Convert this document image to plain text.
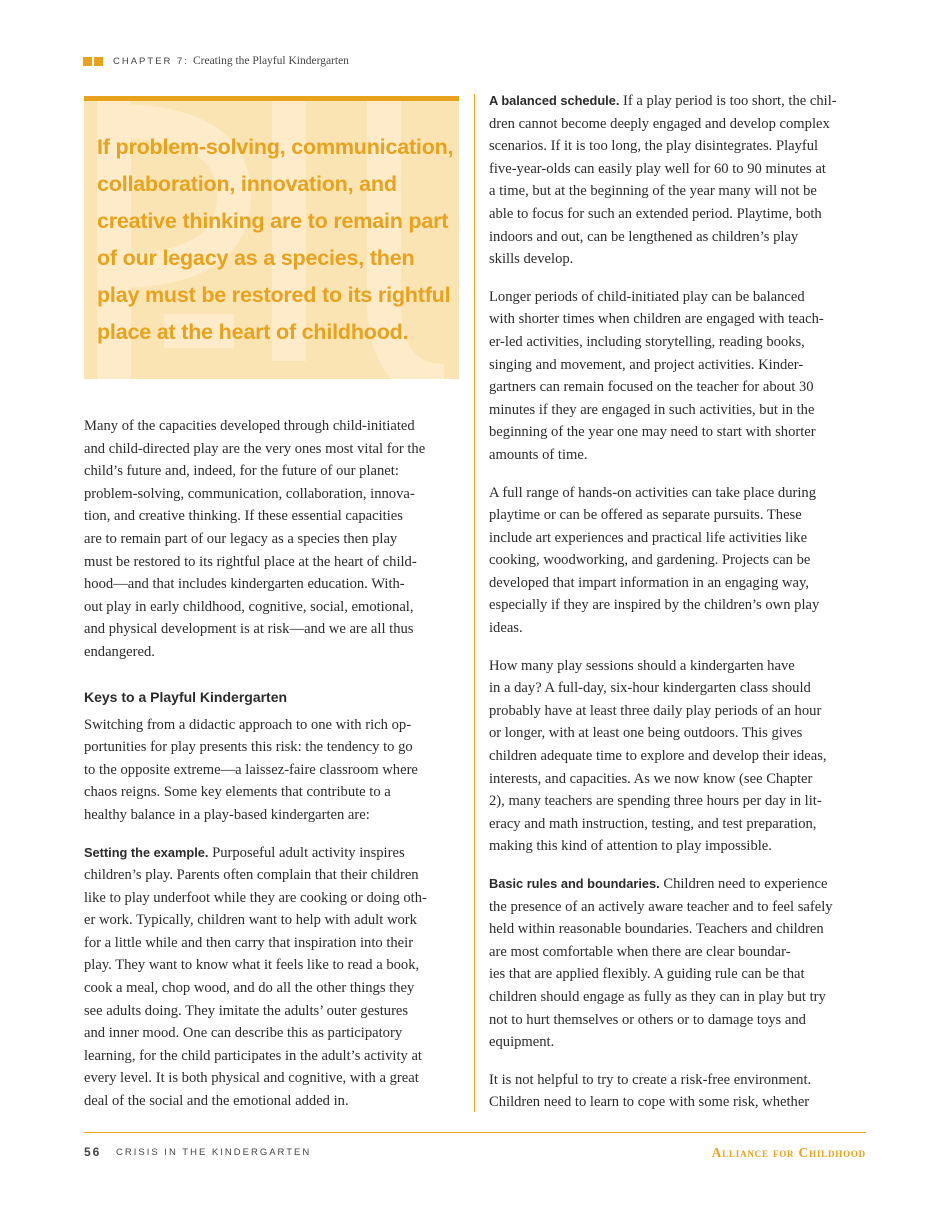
CHAPTER 7: Creating the Playful Kindergarten
If problem-solving, communication,
collaboration, innovation, and
creative thinking are to remain part
of our legacy as a species, then
play must be restored to its rightful
place at the heart of childhood.

Many of the capacities developed through child-initiated
and child-directed play are the very ones most vital for the
child’s future and, indeed, for the future of our planet:
problem-solving, communication, collaboration, innova-
tion, and creative thinking. If these essential capacities
are to remain part of our legacy as a species then play
must be restored to its rightful place at the heart of child-
hood—and that includes kindergarten education. With-
out play in early childhood, cognitive, social, emotional,
and physical development is at risk—and we are all thus
endangered.

Keys to a Playful Kindergarten

Switching from a didactic approach to one with rich op-
portunities for play presents this risk: the tendency to go
to the opposite extreme—a laissez-faire classroom where
chaos reigns. Some key elements that contribute to a
healthy balance in a play-based kindergarten are:

Setting the example. Purposeful adult activity inspires
children’s play. Parents often complain that their children
like to play underfoot while they are cooking or doing oth-
er work. Typically, children want to help with adult work
for a little while and then carry that inspiration into their
play. They want to know what it feels like to read a book,
cook a meal, chop wood, and do all the other things they
see adults doing. They imitate the adults’ outer gestures
and inner mood. One can describe this as participatory
learning, for the child participates in the adult’s activity at
every level. It is both physical and cognitive, with a great
deal of the social and the emotional added in.

A balanced schedule. If a play period is too short, the chil-
dren cannot become deeply engaged and develop complex
scenarios. If it is too long, the play disintegrates. Playful
five-year-olds can easily play well for 60 to 90 minutes at
a time, but at the beginning of the year many will not be
able to focus for such an extended period. Playtime, both
indoors and out, can be lengthened as children’s play
skills develop.

Longer periods of child-initiated play can be balanced
with shorter times when children are engaged with teach-
er-led activities, including storytelling, reading books,
singing and movement, and project activities. Kinder-
gartners can remain focused on the teacher for about 30
minutes if they are engaged in such activities, but in the
beginning of the year one may need to start with shorter
amounts of time.

A full range of hands-on activities can take place during
playtime or can be offered as separate pursuits. These
include art experiences and practical life activities like
cooking, woodworking, and gardening. Projects can be
developed that impart information in an engaging way,
especially if they are inspired by the children’s own play
ideas.

How many play sessions should a kindergarten have
in a day? A full-day, six-hour kindergarten class should
probably have at least three daily play periods of an hour
or longer, with at least one being outdoors. This gives
children adequate time to explore and develop their ideas,
interests, and capacities. As we now know (see Chapter
2), many teachers are spending three hours per day in lit-
eracy and math instruction, testing, and test preparation,
making this kind of attention to play impossible.

Basic rules and boundaries. Children need to experience
the presence of an actively aware teacher and to feel safely
held within reasonable boundaries. Teachers and children
are most comfortable when there are clear boundar-
ies that are applied flexibly. A guiding rule can be that
children should engage as fully as they can in play but try
not to hurt themselves or others or to damage toys and
equipment.

It is not helpful to try to create a risk-free environment.
Children need to learn to cope with some risk, whether

56 CRISIS IN THE KINDERGARTEN	Alliance for Childhood
